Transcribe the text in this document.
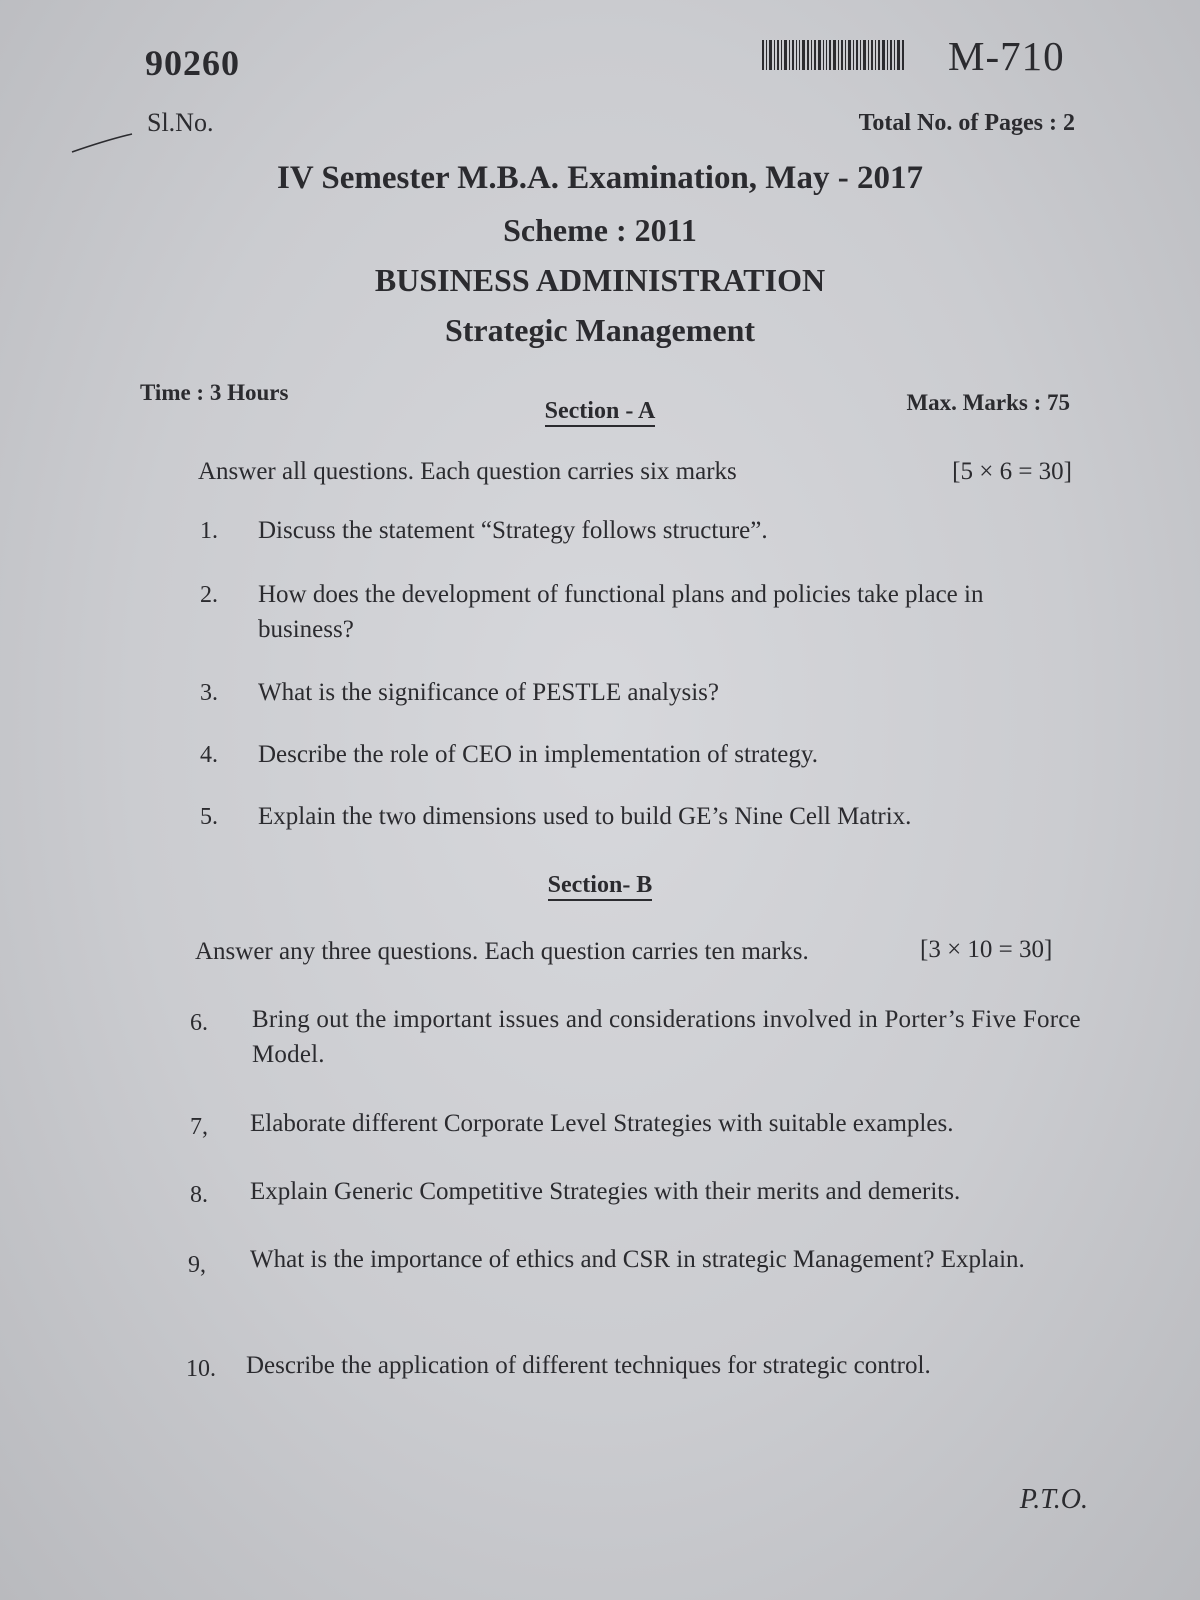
90260	M-710
Sl.No.	Total No. of Pages : 2
IV Semester M.B.A. Examination, May - 2017
Scheme : 2011
BUSINESS ADMINISTRATION
Strategic Management
Time : 3 Hours	Max. Marks : 75
Section - A
Answer all questions. Each question carries six marks	[5 × 6 = 30]
1. Discuss the statement “Strategy follows structure”.
2. How does the development of functional plans and policies take place in business?
3. What is the significance of PESTLE analysis?
4. Describe the role of CEO in implementation of strategy.
5. Explain the two dimensions used to build GE’s Nine Cell Matrix.
Section- B
Answer any three questions. Each question carries ten marks.	[3 × 10 = 30]
6. Bring out the important issues and considerations involved in Porter’s Five Force Model.
7, Elaborate different Corporate Level Strategies with suitable examples.
8. Explain Generic Competitive Strategies with their merits and demerits.
9, What is the importance of ethics and CSR in strategic Management? Explain.
10. Describe the application of different techniques for strategic control.
P.T.O.
